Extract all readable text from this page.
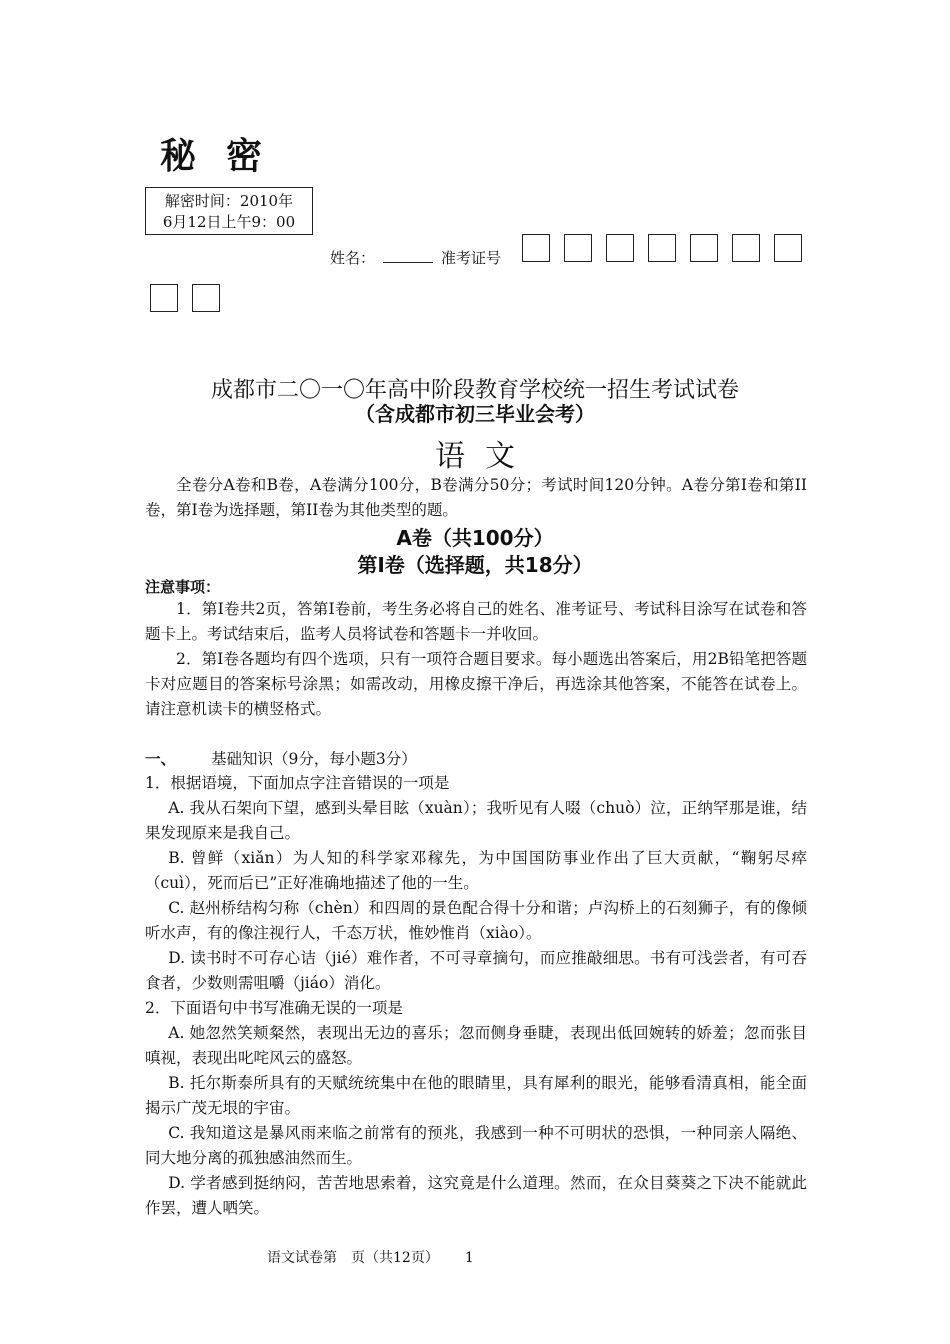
秘密
解密时间：2010年
6月12日上午9：00
姓名：	准考证号
成都市二〇一〇年高中阶段教育学校统一招生考试试卷
（含成都市初三毕业会考）
语文
全卷分A卷和B卷，A卷满分100分，B卷满分50分；考试时间120分钟。A卷分第I卷和第II卷，第I卷为选择题，第II卷为其他类型的题。
A卷（共100分）
第I卷（选择题，共18分）
注意事项：
1．第I卷共2页，答第I卷前，考生务必将自己的姓名、准考证号、考试科目涂写在试卷和答题卡上。考试结束后，监考人员将试卷和答题卡一并收回。
2．第I卷各题均有四个选项，只有一项符合题目要求。每小题选出答案后，用2B铅笔把答题卡对应题目的答案标号涂黑；如需改动，用橡皮擦干净后，再选涂其他答案，不能答在试卷上。请注意机读卡的横竖格式。
一、 基础知识（9分，每小题3分）
1．根据语境，下面加点字注音错误的一项是
A. 我从石架向下望，感到头晕目眩（xuàn）；我听见有人啜（chuò）泣，正纳罕那是谁，结果发现原来是我自己。
B. 曾鲜（xiǎn）为人知的科学家邓稼先，为中国国防事业作出了巨大贡献，“鞠躬尽瘁（cuì），死而后已”正好准确地描述了他的一生。
C. 赵州桥结构匀称（chèn）和四周的景色配合得十分和谐；卢沟桥上的石刻狮子，有的像倾听水声，有的像注视行人，千态万状，惟妙惟肖（xiào）。
D. 读书时不可存心诘（jié）难作者，不可寻章摘句，而应推敲细思。书有可浅尝者，有可吞食者，少数则需咀嚼（jiáo）消化。
2．下面语句中书写准确无误的一项是
A. 她忽然笑颊粲然，表现出无边的喜乐；忽而侧身垂睫，表现出低回婉转的娇羞；忽而张目嗔视，表现出叱咤风云的盛怒。
B. 托尔斯泰所具有的天赋统统集中在他的眼睛里，具有犀利的眼光，能够看清真相，能全面揭示广茂无垠的宇宙。
C. 我知道这是暴风雨来临之前常有的预兆，我感到一种不可明状的恐惧，一种同亲人隔绝、同大地分离的孤独感油然而生。
D. 学者感到挺纳闷，苦苦地思索着，这究竟是什么道理。然而，在众目葵葵之下决不能就此作罢，遭人哂笑。
语文试卷第　页（共12页） 1
